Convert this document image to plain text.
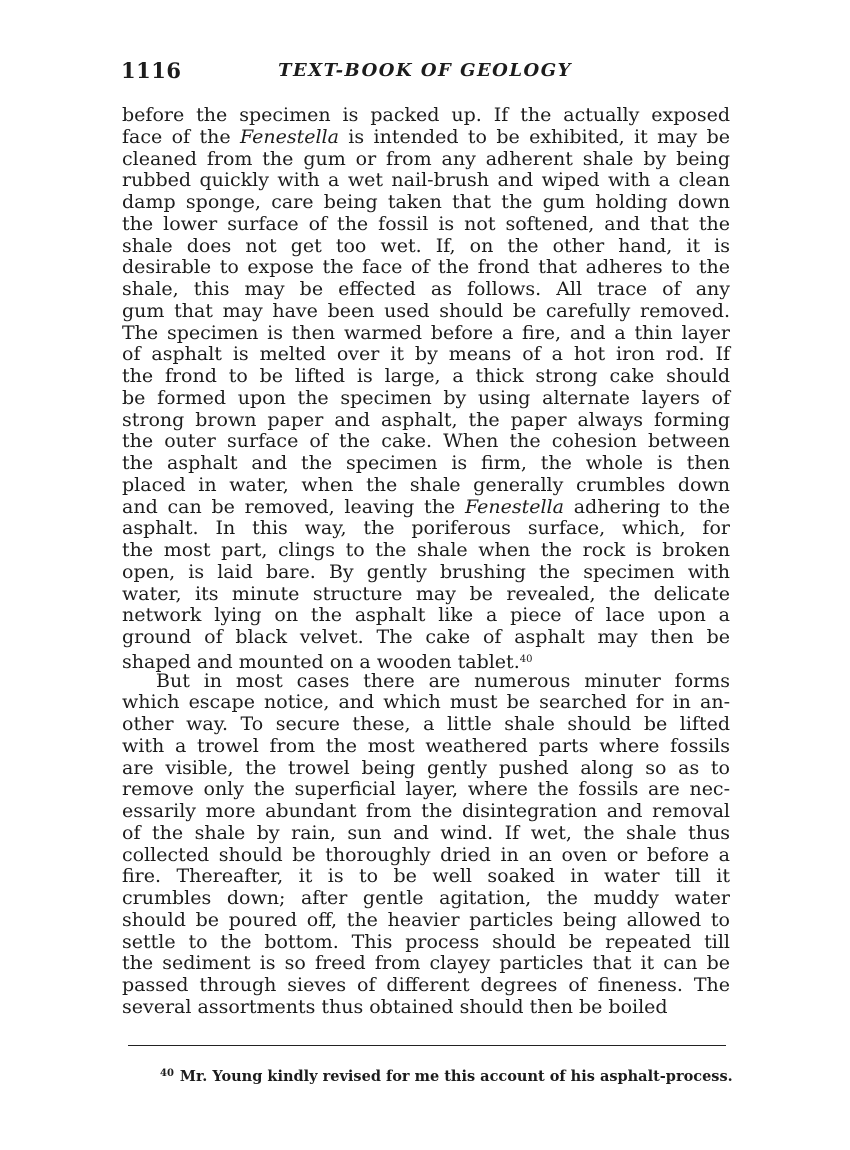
1116	TEXT-BOOK OF GEOLOGY
before the specimen is packed up. If the actually exposed
face of the Fenestella is intended to be exhibited, it may be
cleaned from the gum or from any adherent shale by being
rubbed quickly with a wet nail-brush and wiped with a clean
damp sponge, care being taken that the gum holding down
the lower surface of the fossil is not softened, and that the
shale does not get too wet. If, on the other hand, it is
desirable to expose the face of the frond that adheres to the
shale, this may be effected as follows. All trace of any
gum that may have been used should be carefully removed.
The specimen is then warmed before a fire, and a thin layer
of asphalt is melted over it by means of a hot iron rod. If
the frond to be lifted is large, a thick strong cake should
be formed upon the specimen by using alternate layers of
strong brown paper and asphalt, the paper always forming
the outer surface of the cake. When the cohesion between
the asphalt and the specimen is firm, the whole is then
placed in water, when the shale generally crumbles down
and can be removed, leaving the Fenestella adhering to the
asphalt. In this way, the poriferous surface, which, for
the most part, clings to the shale when the rock is broken
open, is laid bare. By gently brushing the specimen with
water, its minute structure may be revealed, the delicate
network lying on the asphalt like a piece of lace upon a
ground of black velvet. The cake of asphalt may then be
shaped and mounted on a wooden tablet.$^{40}$
But in most cases there are numerous minuter forms
which escape notice, and which must be searched for in an-
other way. To secure these, a little shale should be lifted
with a trowel from the most weathered parts where fossils
are visible, the trowel being gently pushed along so as to
remove only the superficial layer, where the fossils are nec-
essarily more abundant from the disintegration and removal
of the shale by rain, sun and wind. If wet, the shale thus
collected should be thoroughly dried in an oven or before a
fire. Thereafter, it is to be well soaked in water till it
crumbles down; after gentle agitation, the muddy water
should be poured off, the heavier particles being allowed to
settle to the bottom. This process should be repeated till
the sediment is so freed from clayey particles that it can be
passed through sieves of different degrees of fineness. The
several assortments thus obtained should then be boiled
$^{40}$ Mr. Young kindly revised for me this account of his asphalt-process.
